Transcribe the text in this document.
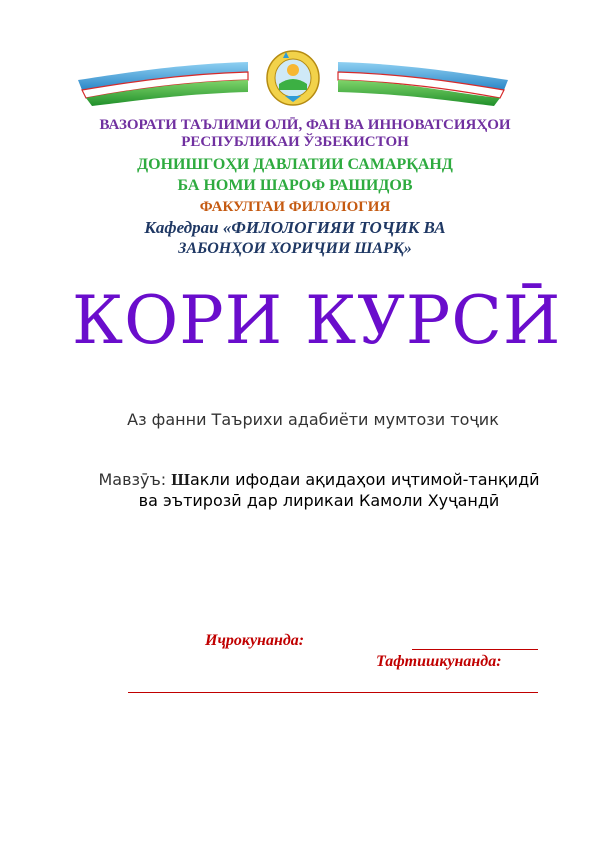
ВАЗОРАТИ ТАЪЛИМИ ОЛӢ, ФАН ВА ИННОВАТСИЯҲОИ
РЕСПУБЛИКАИ ЎЗБЕКИСТОН
ДОНИШГОҲИ ДАВЛАТИИ САМАРҚАНД
БА НОМИ ШАРОФ РАШИДОВ
ФАКУЛТАИ ФИЛОЛОГИЯ
Кафедраи «ФИЛОЛОГИЯИ ТОҶИК ВА
ЗАБОНҲОИ ХОРИҶИИ ШАРҚ»
КОРИ КУРСӢ
Аз фанни Таърихи адабиёти мумтози тоҷик
Мавзӯъ: Шакли ифодаи ақидаҳои иҷтимой-танқидӣ ва эътирозӣ дар лирикаи Камоли Хуҷандӣ
Иҷрокунанда:
Тафтишкунанда:
